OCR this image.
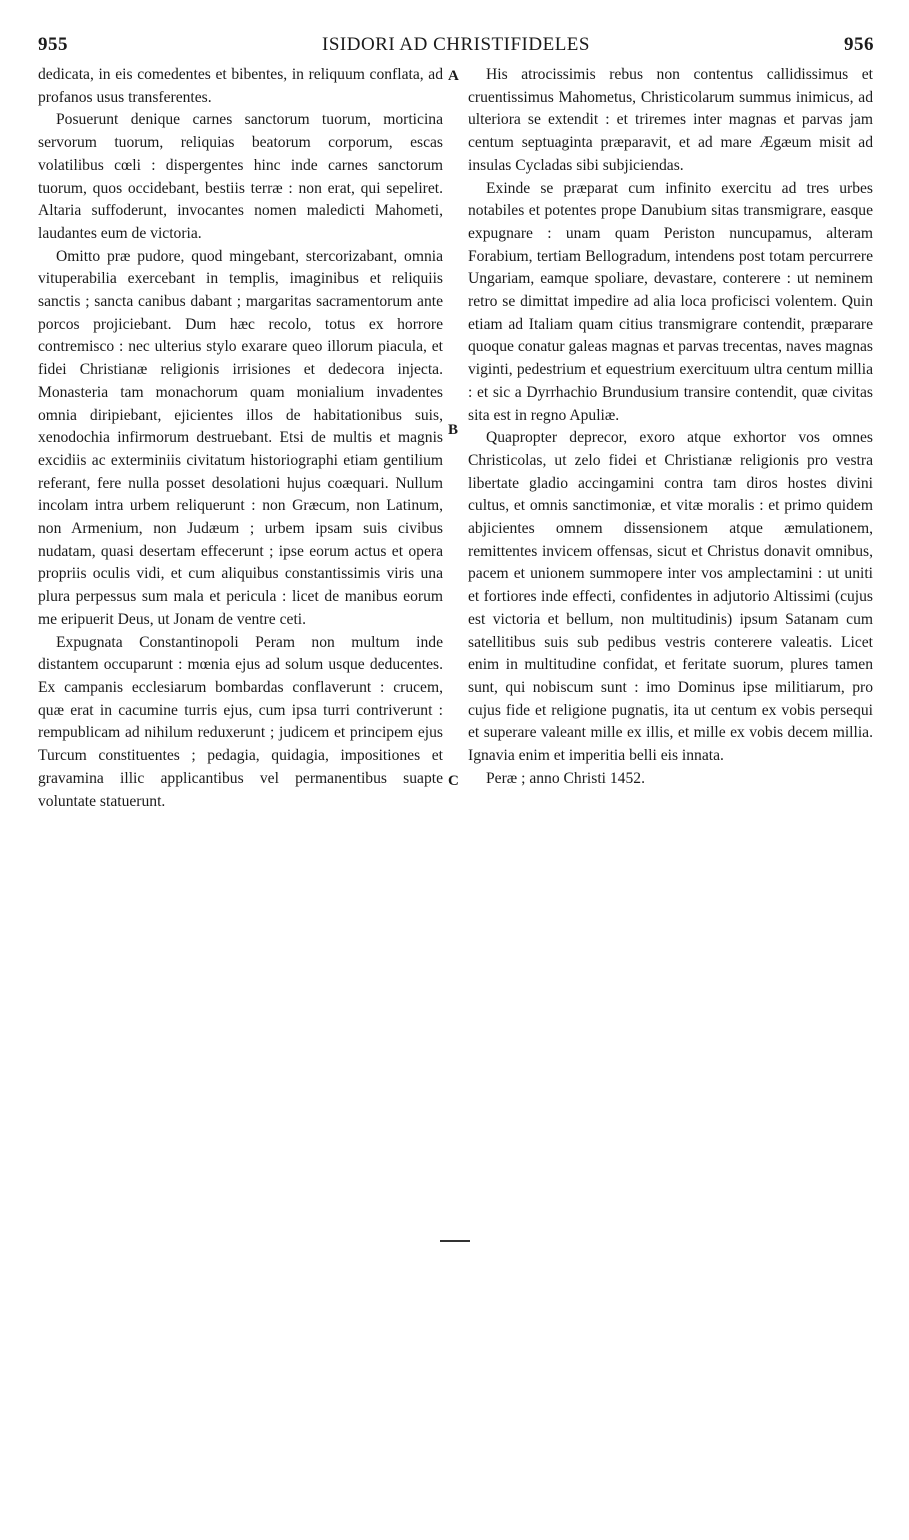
955	ISIDORI AD CHRISTIFIDELES	956

dedicata, in eis comedentes et bibentes, in reliquum conflata, ad profanos usus transferentes.

Posuerunt denique carnes sanctorum tuorum, morticina servorum tuorum, reliquias beatorum corporum, escas volatilibus cœli : dispergentes hinc inde carnes sanctorum tuorum, quos occidebant, bestiis terræ : non erat, qui sepeliret. Altaria suffoderunt, invocantes nomen maledicti Mahometi, laudantes eum de victoria.

Omitto præ pudore, quod mingebant, stercorizabant, omnia vituperabilia exercebant in templis, imaginibus et reliquiis sanctis ; sancta canibus dabant ; margaritas sacramentorum ante porcos projiciebant. Dum hæc recolo, totus ex horrore contremisco : nec ulterius stylo exarare queo illorum piacula, et fidei Christianæ religionis irrisiones et dedecora injecta. Monasteria tam monachorum quam monialium invadentes omnia diripiebant, ejicientes illos de habitationibus suis, xenodochia infirmorum destruebant. Etsi de multis et magnis excidiis ac exterminiis civitatum historiographi etiam gentilium referant, fere nulla posset desolationi hujus coæquari. Nullum incolam intra urbem reliquerunt : non Græcum, non Latinum, non Armenium, non Judæum ; urbem ipsam suis civibus nudatam, quasi desertam effecerunt ; ipse eorum actus et opera propriis oculis vidi, et cum aliquibus constantissimis viris una plura perpessus sum mala et pericula : licet de manibus eorum me eripuerit Deus, ut Jonam de ventre ceti.

Expugnata Constantinopoli Peram non multum inde distantem occuparunt : mœnia ejus ad solum usque deducentes. Ex campanis ecclesiarum bombardas conflaverunt : crucem, quæ erat in cacumine turris ejus, cum ipsa turri contriverunt : rempublicam ad nihilum reduxerunt ; judicem et principem ejus Turcum constituentes ; pedagia, quidagia, impositiones et gravamina illic applicantibus vel permanentibus suapte voluntate statuerunt.

A
B
C

His atrocissimis rebus non contentus callidissimus et cruentissimus Mahometus, Christicolarum summus inimicus, ad ulteriora se extendit : et triremes inter magnas et parvas jam centum septuaginta præparavit, et ad mare Ægæum misit ad insulas Cycladas sibi subjiciendas.

Exinde se præparat cum infinito exercitu ad tres urbes notabiles et potentes prope Danubium sitas transmigrare, easque expugnare : unam quam Periston nuncupamus, alteram Forabium, tertiam Bellogradum, intendens post totam percurrere Ungariam, eamque spoliare, devastare, conterere : ut neminem retro se dimittat impedire ad alia loca proficisci volentem. Quin etiam ad Italiam quam citius transmigrare contendit, præparare quoque conatur galeas magnas et parvas trecentas, naves magnas viginti, pedestrium et equestrium exercituum ultra centum millia : et sic a Dyrrhachio Brundusium transire contendit, quæ civitas sita est in regno Apuliæ.

Quapropter deprecor, exoro atque exhortor vos omnes Christicolas, ut zelo fidei et Christianæ religionis pro vestra libertate gladio accingamini contra tam diros hostes divini cultus, et omnis sanctimoniæ, et vitæ moralis : et primo quidem abjicientes omnem dissensionem atque æmulationem, remittentes invicem offensas, sicut et Christus donavit omnibus, pacem et unionem summopere inter vos amplectamini : ut uniti et fortiores inde effecti, confidentes in adjutorio Altissimi (cujus est victoria et bellum, non multitudinis) ipsum Satanam cum satellitibus suis sub pedibus vestris conterere valeatis. Licet enim in multitudine confidat, et feritate suorum, plures tamen sunt, qui nobiscum sunt : imo Dominus ipse militiarum, pro cujus fide et religione pugnatis, ita ut centum ex vobis persequi et superare valeant mille ex illis, et mille ex vobis decem millia. Ignavia enim et imperitia belli eis innata.

Peræ ; anno Christi 1452.
